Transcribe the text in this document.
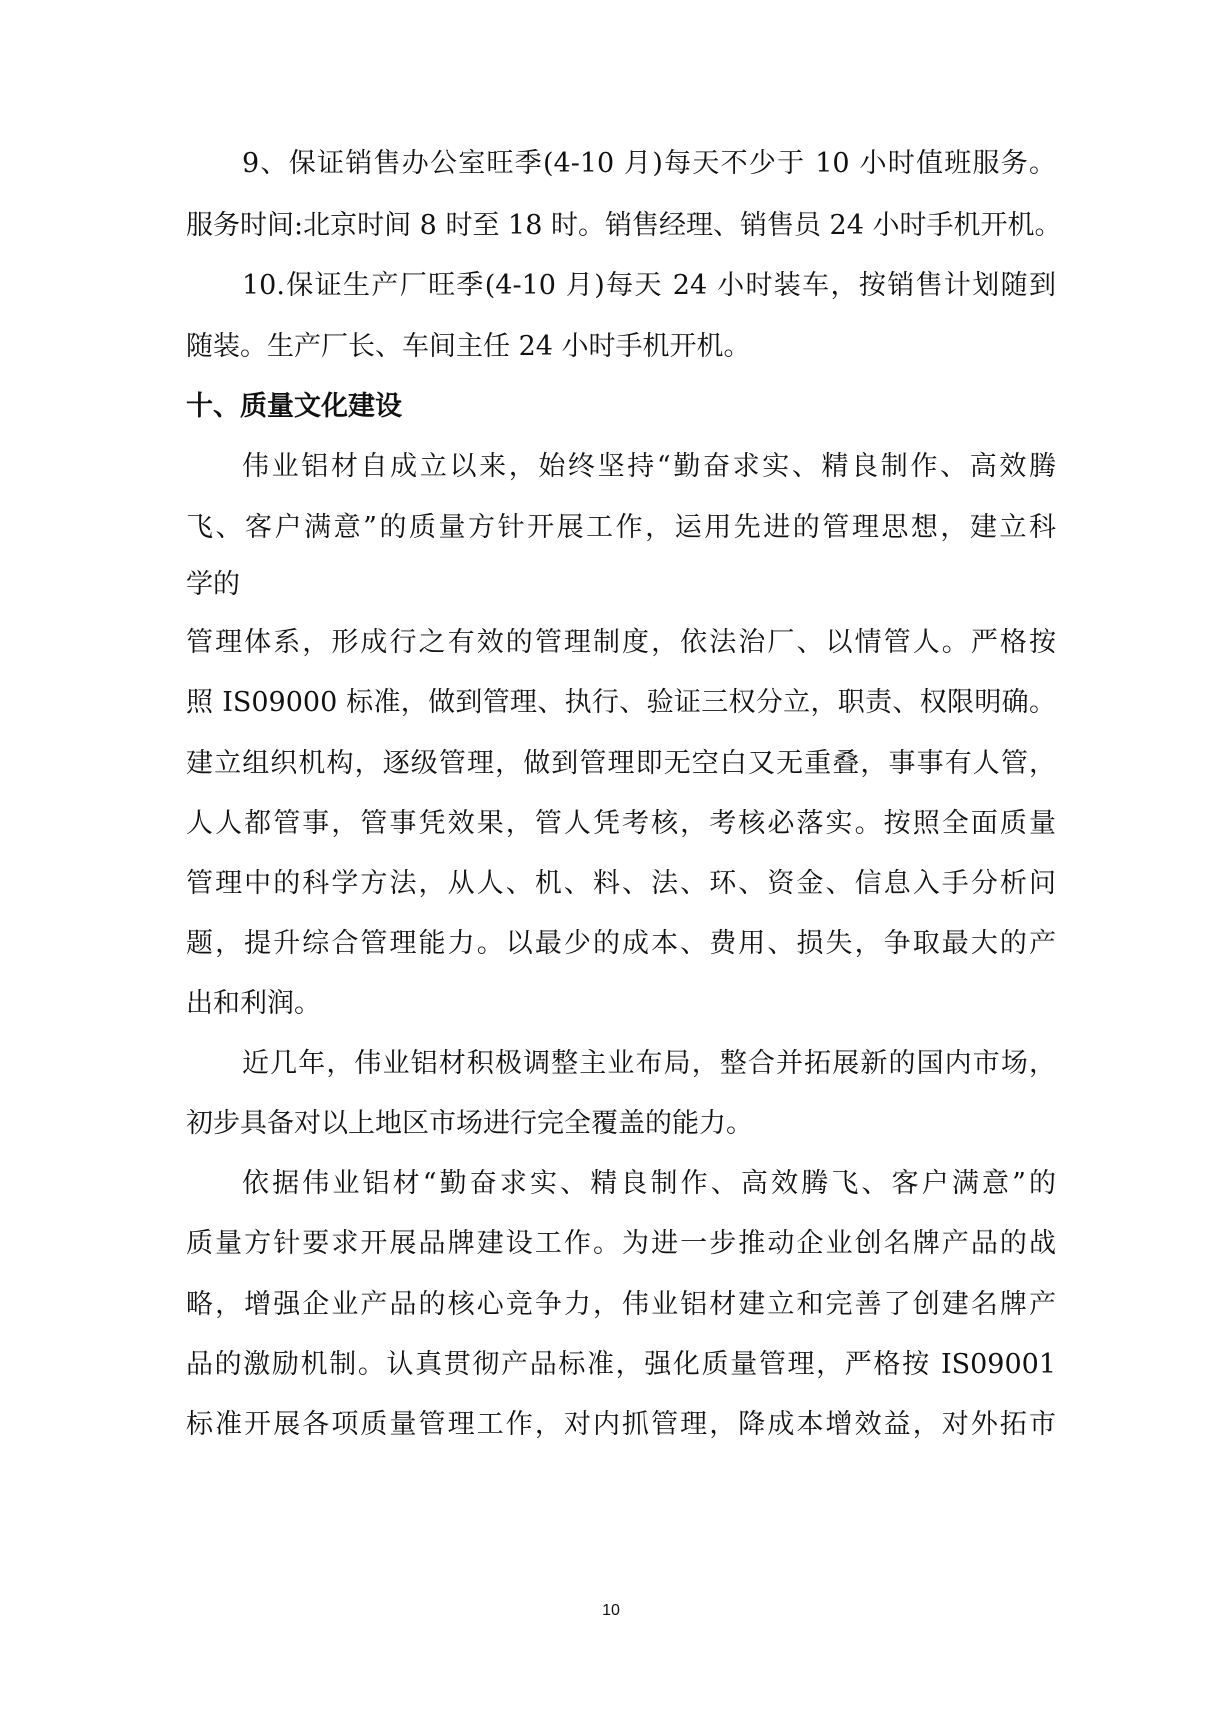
9、保证销售办公室旺季(4-10 月)每天不少于 10 小时值班服务。
服务时间:北京时间 8 时至 18 时。销售经理、销售员 24 小时手机开机。
10.保证生产厂旺季(4-10 月)每天 24 小时装车，按销售计划随到
随装。生产厂长、车间主任 24 小时手机开机。
十、质量文化建设
伟业铝材自成立以来，始终坚持“勤奋求实、精良制作、高效腾
飞、客户满意”的质量方针开展工作，运用先进的管理思想，建立科
学的
管理体系，形成行之有效的管理制度，依法治厂、以情管人。严格按
照 IS09000 标准，做到管理、执行、验证三权分立，职责、权限明确。
建立组织机构，逐级管理，做到管理即无空白又无重叠，事事有人管，
人人都管事，管事凭效果，管人凭考核，考核必落实。按照全面质量
管理中的科学方法，从人、机、料、法、环、资金、信息入手分析问
题，提升综合管理能力。以最少的成本、费用、损失，争取最大的产
出和利润。
近几年，伟业铝材积极调整主业布局，整合并拓展新的国内市场，
初步具备对以上地区市场进行完全覆盖的能力。
依据伟业铝材“勤奋求实、精良制作、高效腾飞、客户满意”的
质量方针要求开展品牌建设工作。为进一步推动企业创名牌产品的战
略，增强企业产品的核心竞争力，伟业铝材建立和完善了创建名牌产
品的激励机制。认真贯彻产品标准，强化质量管理，严格按 IS09001
标准开展各项质量管理工作，对内抓管理，降成本增效益，对外拓市
10
